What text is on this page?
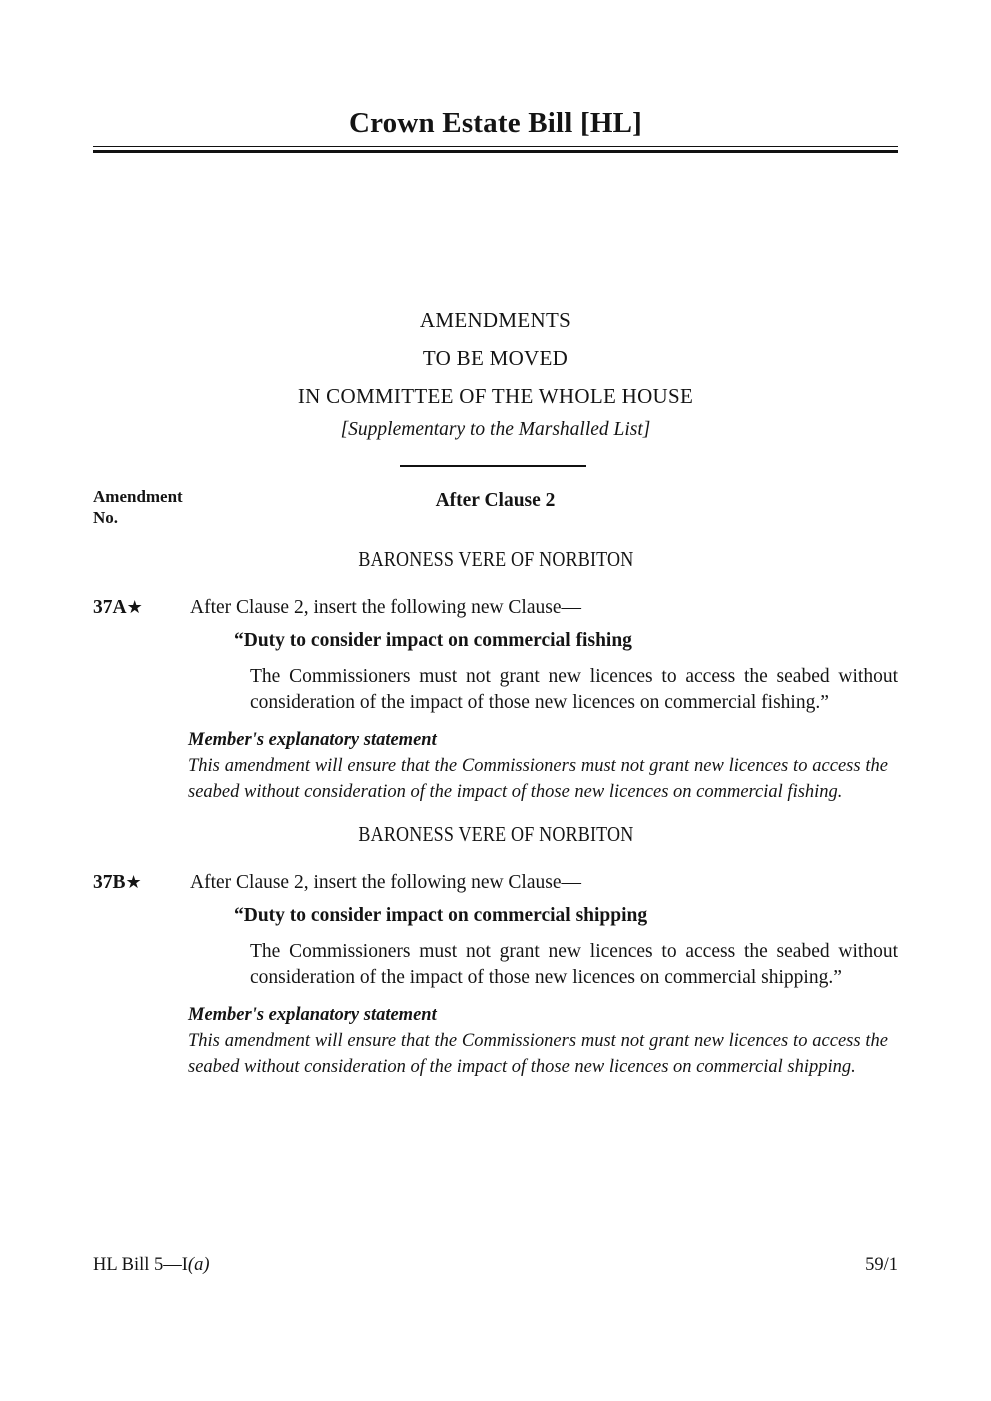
Crown Estate Bill [HL]
AMENDMENTS
TO BE MOVED
IN COMMITTEE OF THE WHOLE HOUSE
[Supplementary to the Marshalled List]
Amendment
No.
After Clause 2
BARONESS VERE OF NORBITON
37A★ After Clause 2, insert the following new Clause—
“Duty to consider impact on commercial fishing
The Commissioners must not grant new licences to access the seabed without consideration of the impact of those new licences on commercial fishing.”
Member's explanatory statement
This amendment will ensure that the Commissioners must not grant new licences to access the seabed without consideration of the impact of those new licences on commercial fishing.
BARONESS VERE OF NORBITON
37B★ After Clause 2, insert the following new Clause—
“Duty to consider impact on commercial shipping
The Commissioners must not grant new licences to access the seabed without consideration of the impact of those new licences on commercial shipping.”
Member's explanatory statement
This amendment will ensure that the Commissioners must not grant new licences to access the seabed without consideration of the impact of those new licences on commercial shipping.
HL Bill 5—I(a)	59/1
